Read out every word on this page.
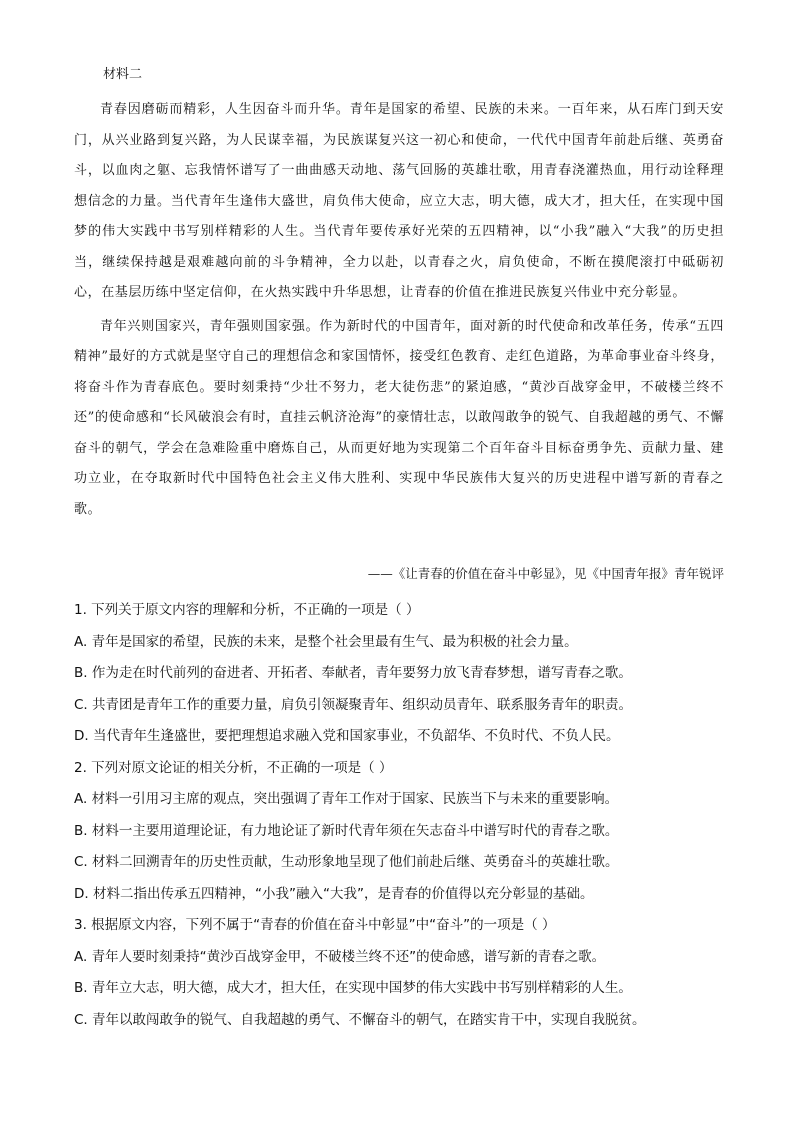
材料二

青春因磨砺而精彩，人生因奋斗而升华。青年是国家的希望、民族的未来。一百年来，从石库门到天安门，从兴业路到复兴路，为人民谋幸福，为民族谋复兴这一初心和使命，一代代中国青年前赴后继、英勇奋斗，以血肉之躯、忘我情怀谱写了一曲曲感天动地、荡气回肠的英雄壮歌，用青春浇灌热血，用行动诠释理想信念的力量。当代青年生逢伟大盛世，肩负伟大使命，应立大志，明大德，成大才，担大任，在实现中国梦的伟大实践中书写别样精彩的人生。当代青年要传承好光荣的五四精神，以“小我”融入“大我”的历史担当，继续保持越是艰难越向前的斗争精神，全力以赴，以青春之火，肩负使命，不断在摸爬滚打中砥砺初心，在基层历练中坚定信仰，在火热实践中升华思想，让青春的价值在推进民族复兴伟业中充分彰显。

青年兴则国家兴，青年强则国家强。作为新时代的中国青年，面对新的时代使命和改革任务，传承“五四精神”最好的方式就是坚守自己的理想信念和家国情怀，接受红色教育、走红色道路，为革命事业奋斗终身，将奋斗作为青春底色。要时刻秉持“少壮不努力，老大徒伤悲”的紧迫感，“黄沙百战穿金甲，不破楼兰终不还”的使命感和“长风破浪会有时，直挂云帆济沧海”的豪情壮志，以敢闯敢争的锐气、自我超越的勇气、不懈奋斗的朝气，学会在急难险重中磨炼自己，从而更好地为实现第二个百年奋斗目标奋勇争先、贡献力量、建功立业，在夺取新时代中国特色社会主义伟大胜利、实现中华民族伟大复兴的历史进程中谱写新的青春之歌。

——《让青春的价值在奋斗中彰显》，见《中国青年报》青年锐评
1. 下列关于原文内容的理解和分析，不正确的一项是（ ）
A. 青年是国家的希望，民族的未来，是整个社会里最有生气、最为积极的社会力量。
B. 作为走在时代前列的奋进者、开拓者、奉献者，青年要努力放飞青春梦想，谱写青春之歌。
C. 共青团是青年工作的重要力量，肩负引领凝聚青年、组织动员青年、联系服务青年的职责。
D. 当代青年生逢盛世，要把理想追求融入党和国家事业，不负韶华、不负时代、不负人民。
2. 下列对原文论证的相关分析，不正确的一项是（ ）
A. 材料一引用习主席的观点，突出强调了青年工作对于国家、民族当下与未来的重要影响。
B. 材料一主要用道理论证，有力地论证了新时代青年须在矢志奋斗中谱写时代的青春之歌。
C. 材料二回溯青年的历史性贡献，生动形象地呈现了他们前赴后继、英勇奋斗的英雄壮歌。
D. 材料二指出传承五四精神，“小我”融入“大我”，是青春的价值得以充分彰显的基础。
3. 根据原文内容，下列不属于“青春的价值在奋斗中彰显”中“奋斗”的一项是（ ）
A. 青年人要时刻秉持“黄沙百战穿金甲，不破楼兰终不还”的使命感，谱写新的青春之歌。
B. 青年立大志，明大德，成大才，担大任，在实现中国梦的伟大实践中书写别样精彩的人生。
C. 青年以敢闯敢争的锐气、自我超越的勇气、不懈奋斗的朝气，在踏实肯干中，实现自我脱贫。
